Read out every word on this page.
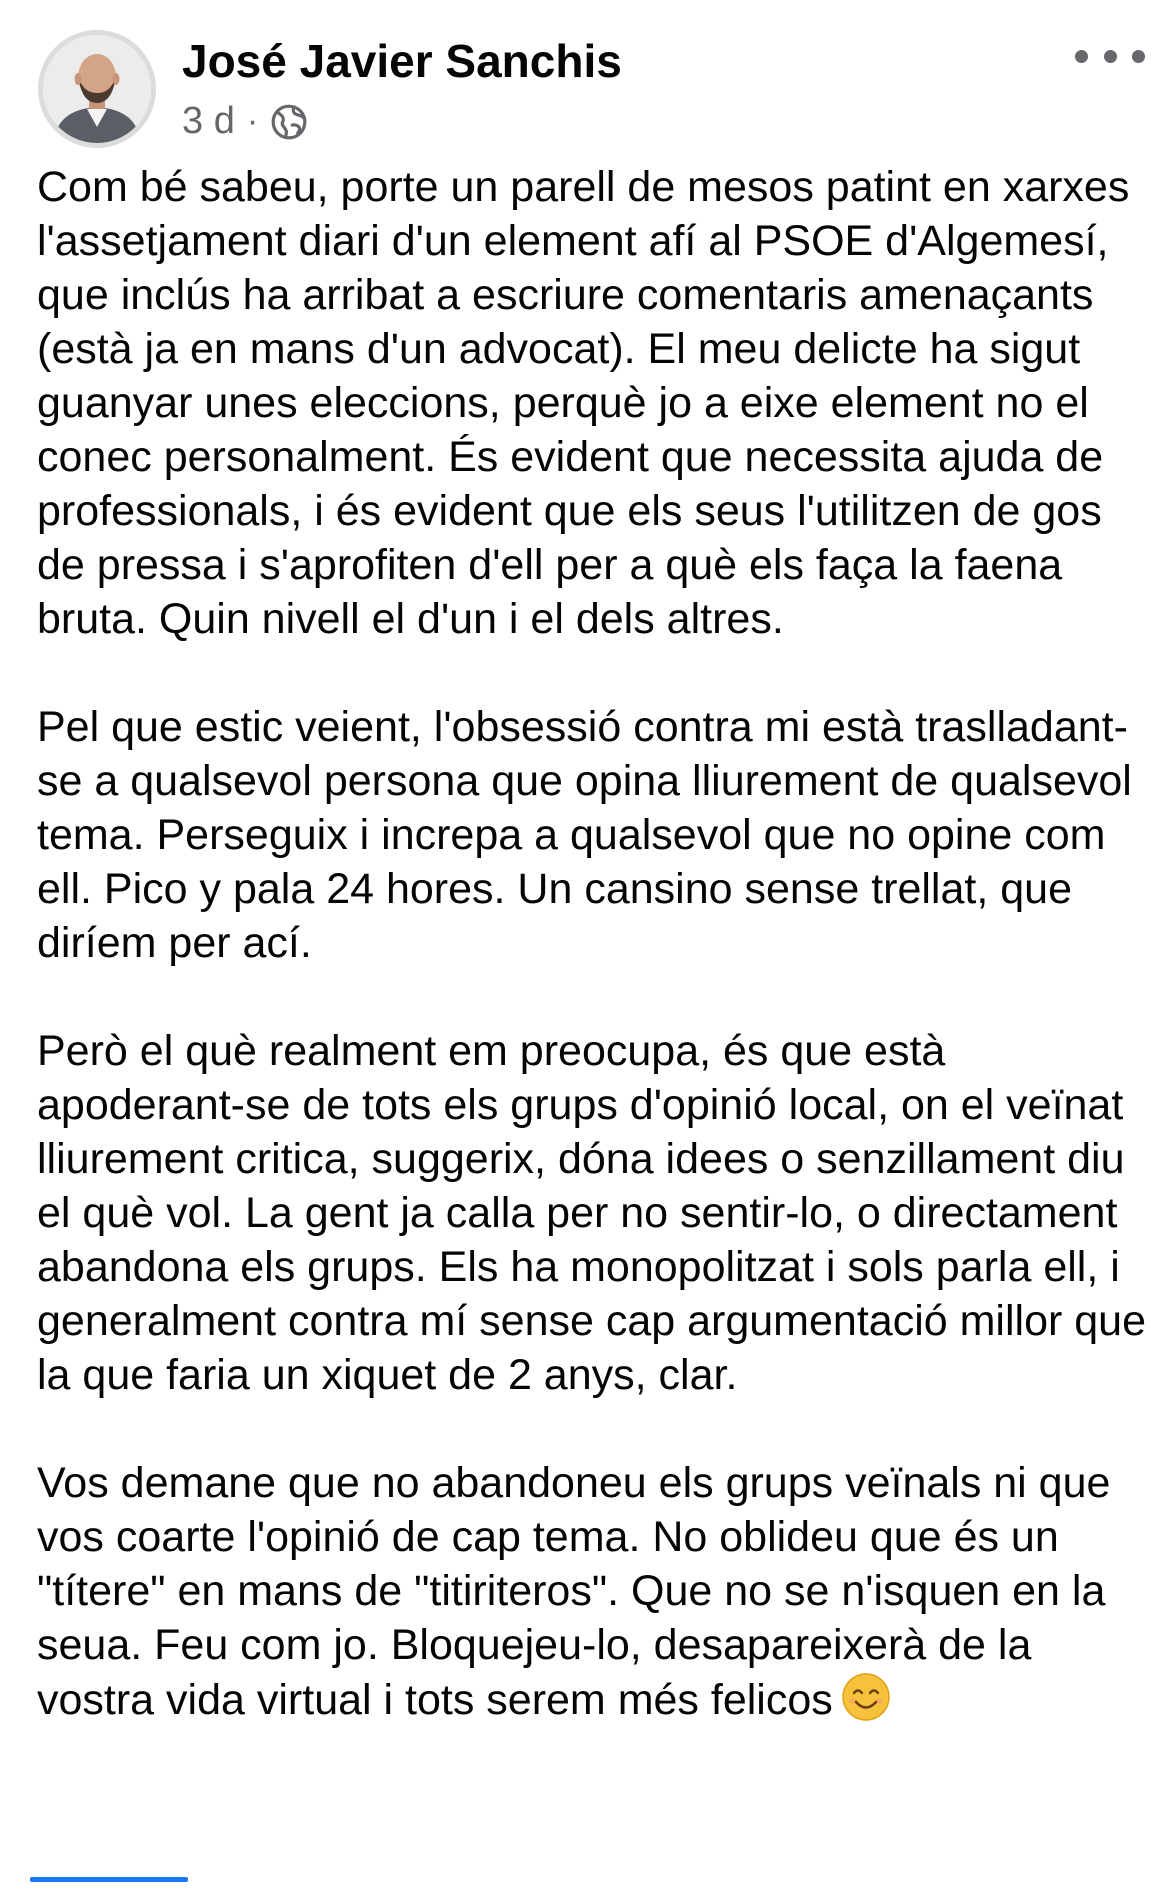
José Javier Sanchis
3 d ·

Com bé sabeu, porte un parell de mesos patint en xarxes l'assetjament diari d'un element afí al PSOE d'Algemesí, que inclús ha arribat a escriure comentaris amenaçants (està ja en mans d'un advocat). El meu delicte ha sigut guanyar unes eleccions, perquè jo a eixe element no el conec personalment. És evident que necessita ajuda de professionals, i és evident que els seus l'utilitzen de gos de pressa i s'aprofiten d'ell per a què els faça la faena bruta. Quin nivell el d'un i el dels altres.

Pel que estic veient, l'obsessió contra mi està traslladant-se a qualsevol persona que opina lliurement de qualsevol tema. Perseguix i increpa a qualsevol que no opine com ell. Pico y pala 24 hores. Un cansino sense trellat, que diríem per ací.

Però el què realment em preocupa, és que està apoderant-se de tots els grups d'opinió local, on el veïnat lliurement critica, suggerix, dóna idees o senzillament diu el què vol. La gent ja calla per no sentir-lo, o directament abandona els grups. Els ha monopolitzat i sols parla ell, i generalment contra mí sense cap argumentació millor que la que faria un xiquet de 2 anys, clar.

Vos demane que no abandoneu els grups veïnals ni que vos coarte l'opinió de cap tema. No oblideu que és un "títere" en mans de "titiriteros". Que no se n'isquen en la seua. Feu com jo. Bloquejeu-lo, desapareixerà de la vostra vida virtual i tots serem més felicos
